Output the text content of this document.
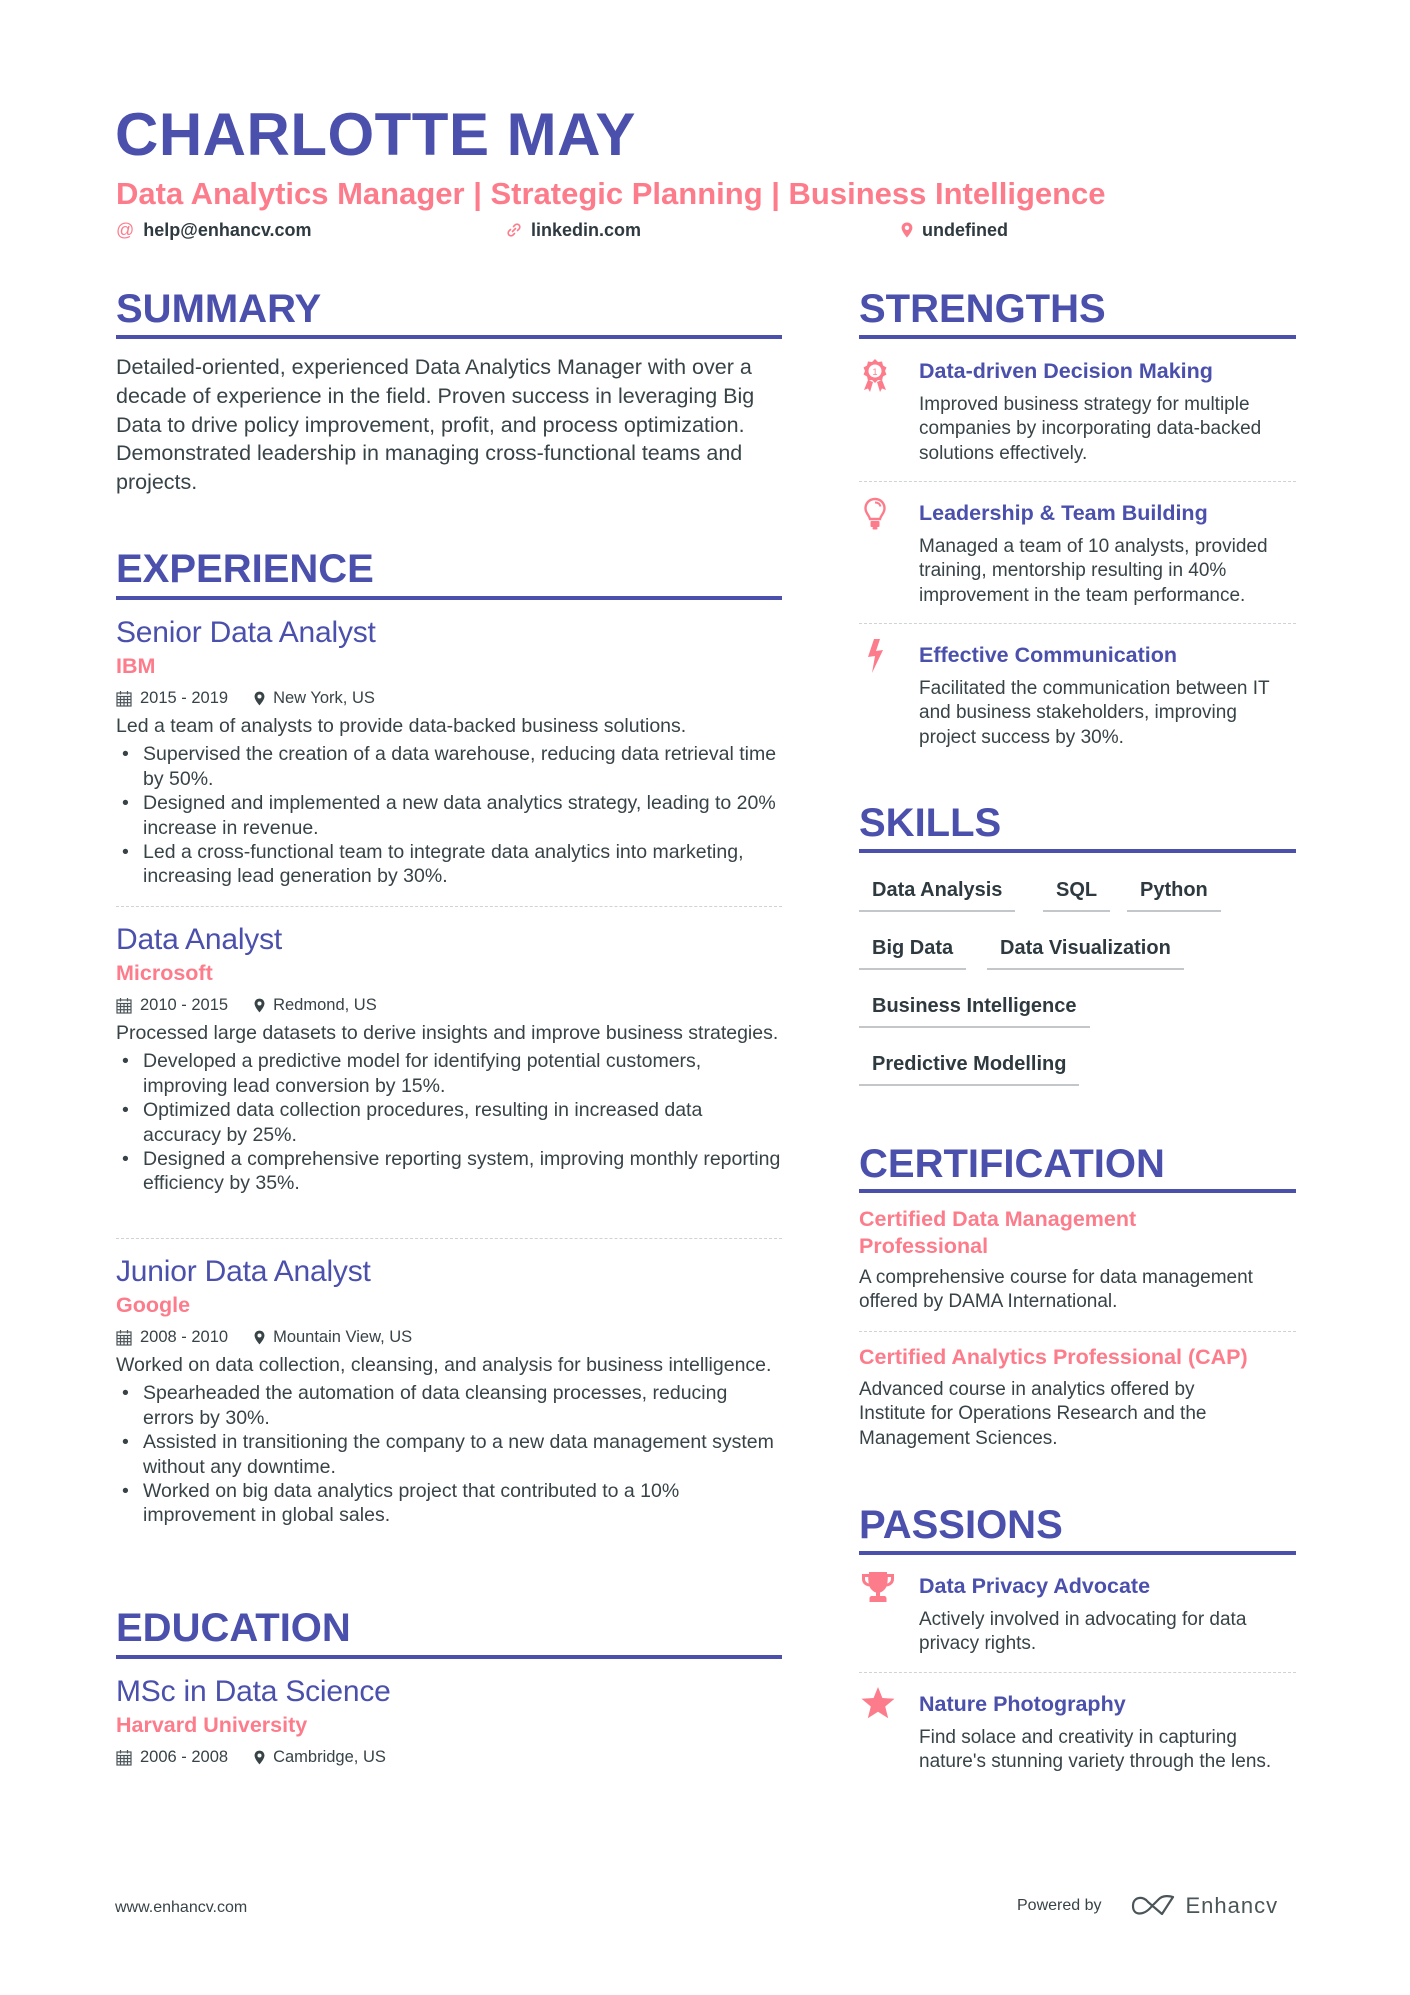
CHARLOTTE MAY
Data Analytics Manager | Strategic Planning | Business Intelligence
@ help@enhancv.com	linkedin.com	undefined
SUMMARY
Detailed-oriented, experienced Data Analytics Manager with over a decade of experience in the field. Proven success in leveraging Big Data to drive policy improvement, profit, and process optimization. Demonstrated leadership in managing cross-functional teams and projects.
EXPERIENCE
Senior Data Analyst
IBM
2015 - 2019	New York, US
Led a team of analysts to provide data-backed business solutions.
• Supervised the creation of a data warehouse, reducing data retrieval time by 50%.
• Designed and implemented a new data analytics strategy, leading to 20% increase in revenue.
• Led a cross-functional team to integrate data analytics into marketing, increasing lead generation by 30%.
Data Analyst
Microsoft
2010 - 2015	Redmond, US
Processed large datasets to derive insights and improve business strategies.
• Developed a predictive model for identifying potential customers, improving lead conversion by 15%.
• Optimized data collection procedures, resulting in increased data accuracy by 25%.
• Designed a comprehensive reporting system, improving monthly reporting efficiency by 35%.
Junior Data Analyst
Google
2008 - 2010	Mountain View, US
Worked on data collection, cleansing, and analysis for business intelligence.
• Spearheaded the automation of data cleansing processes, reducing errors by 30%.
• Assisted in transitioning the company to a new data management system without any downtime.
• Worked on big data analytics project that contributed to a 10% improvement in global sales.
EDUCATION
MSc in Data Science
Harvard University
2006 - 2008	Cambridge, US
STRENGTHS
1 Data-driven Decision Making
Improved business strategy for multiple companies by incorporating data-backed solutions effectively.
Leadership & Team Building
Managed a team of 10 analysts, provided training, mentorship resulting in 40% improvement in the team performance.
Effective Communication
Facilitated the communication between IT and business stakeholders, improving project success by 30%.
SKILLS
Data Analysis	SQL	Python
Big Data	Data Visualization
Business Intelligence
Predictive Modelling
CERTIFICATION
Certified Data Management Professional
A comprehensive course for data management offered by DAMA International.
Certified Analytics Professional (CAP)
Advanced course in analytics offered by Institute for Operations Research and the Management Sciences.
PASSIONS
Data Privacy Advocate
Actively involved in advocating for data privacy rights.
Nature Photography
Find solace and creativity in capturing nature's stunning variety through the lens.
www.enhancv.com	Powered by	Enhancv
